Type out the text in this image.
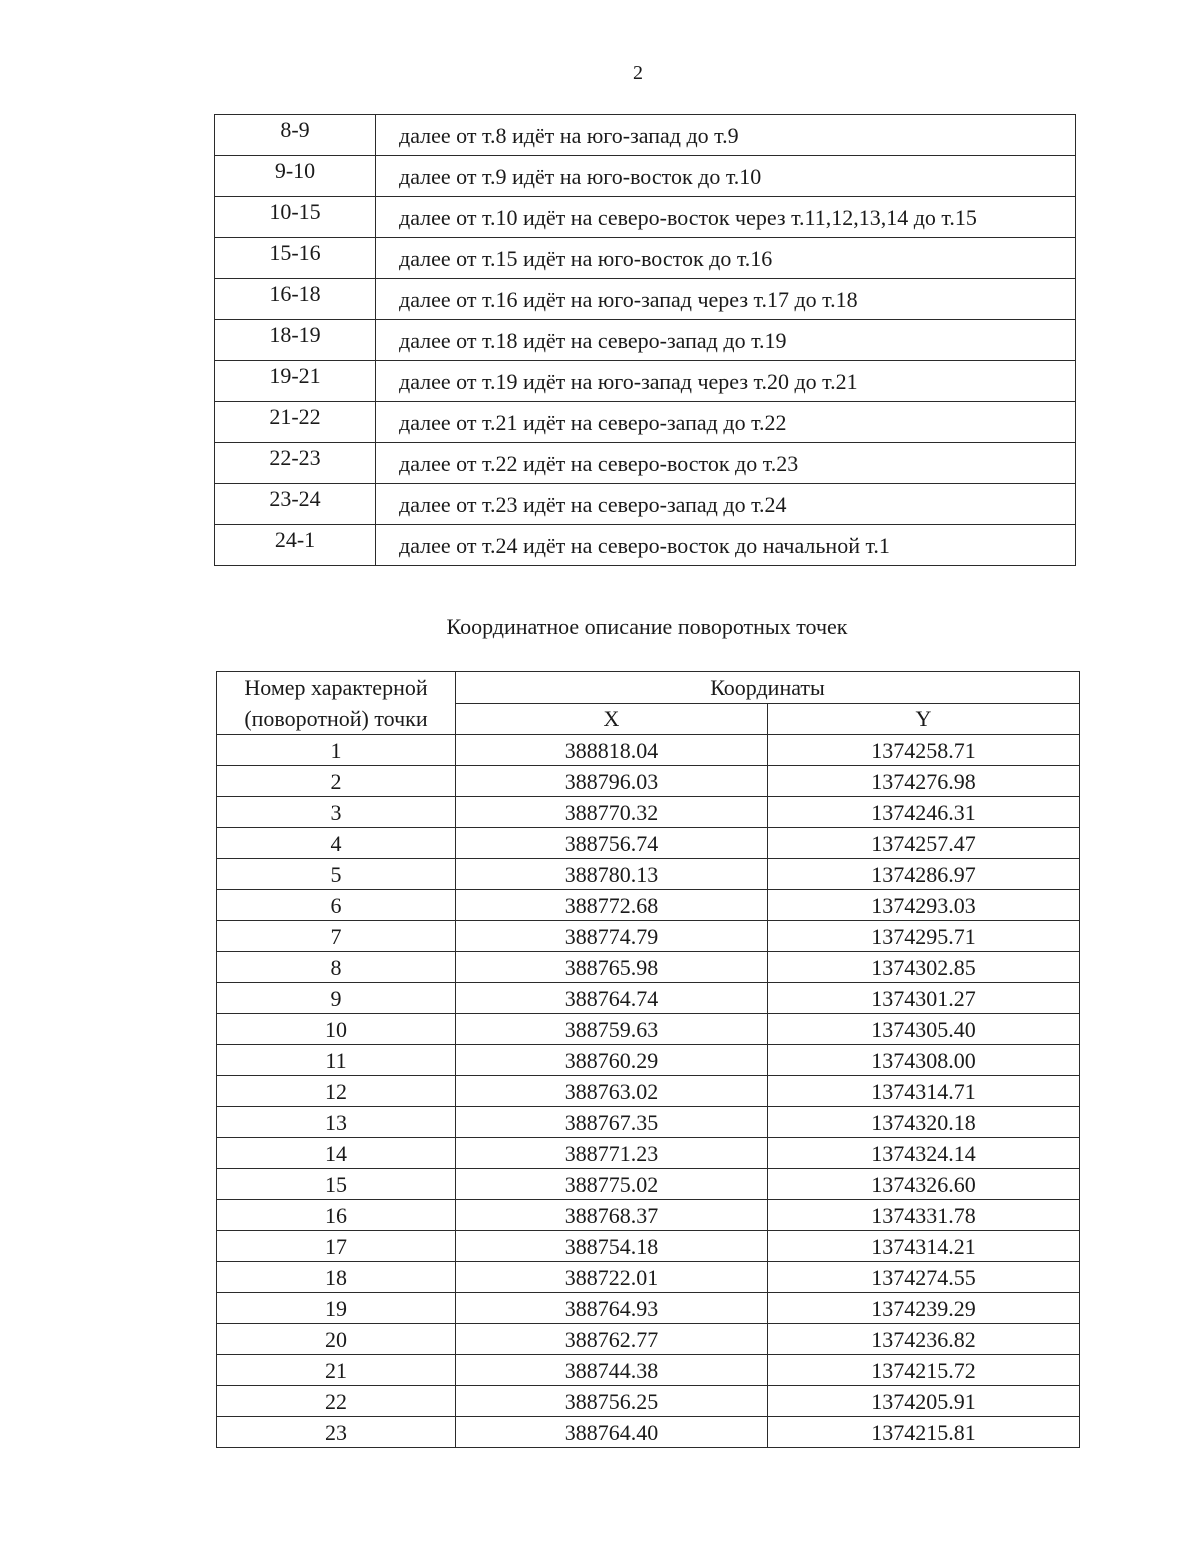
2
8-9	далее от т.8 идёт на юго-запад до т.9
9-10	далее от т.9 идёт на юго-восток до т.10
10-15	далее от т.10 идёт на северо-восток через т.11,12,13,14 до т.15
15-16	далее от т.15 идёт на юго-восток до т.16
16-18	далее от т.16 идёт на юго-запад через т.17 до т.18
18-19	далее от т.18 идёт на северо-запад до т.19
19-21	далее от т.19 идёт на юго-запад через т.20 до т.21
21-22	далее от т.21 идёт на северо-запад до т.22
22-23	далее от т.22 идёт на северо-восток до т.23
23-24	далее от т.23 идёт на северо-запад до т.24
24-1	далее от т.24 идёт на северо-восток до начальной т.1
Координатное описание поворотных точек
Номер характерной (поворотной) точки	Координаты	
	X	Y
1	388818.04	1374258.71
2	388796.03	1374276.98
3	388770.32	1374246.31
4	388756.74	1374257.47
5	388780.13	1374286.97
6	388772.68	1374293.03
7	388774.79	1374295.71
8	388765.98	1374302.85
9	388764.74	1374301.27
10	388759.63	1374305.40
11	388760.29	1374308.00
12	388763.02	1374314.71
13	388767.35	1374320.18
14	388771.23	1374324.14
15	388775.02	1374326.60
16	388768.37	1374331.78
17	388754.18	1374314.21
18	388722.01	1374274.55
19	388764.93	1374239.29
20	388762.77	1374236.82
21	388744.38	1374215.72
22	388756.25	1374205.91
23	388764.40	1374215.81
